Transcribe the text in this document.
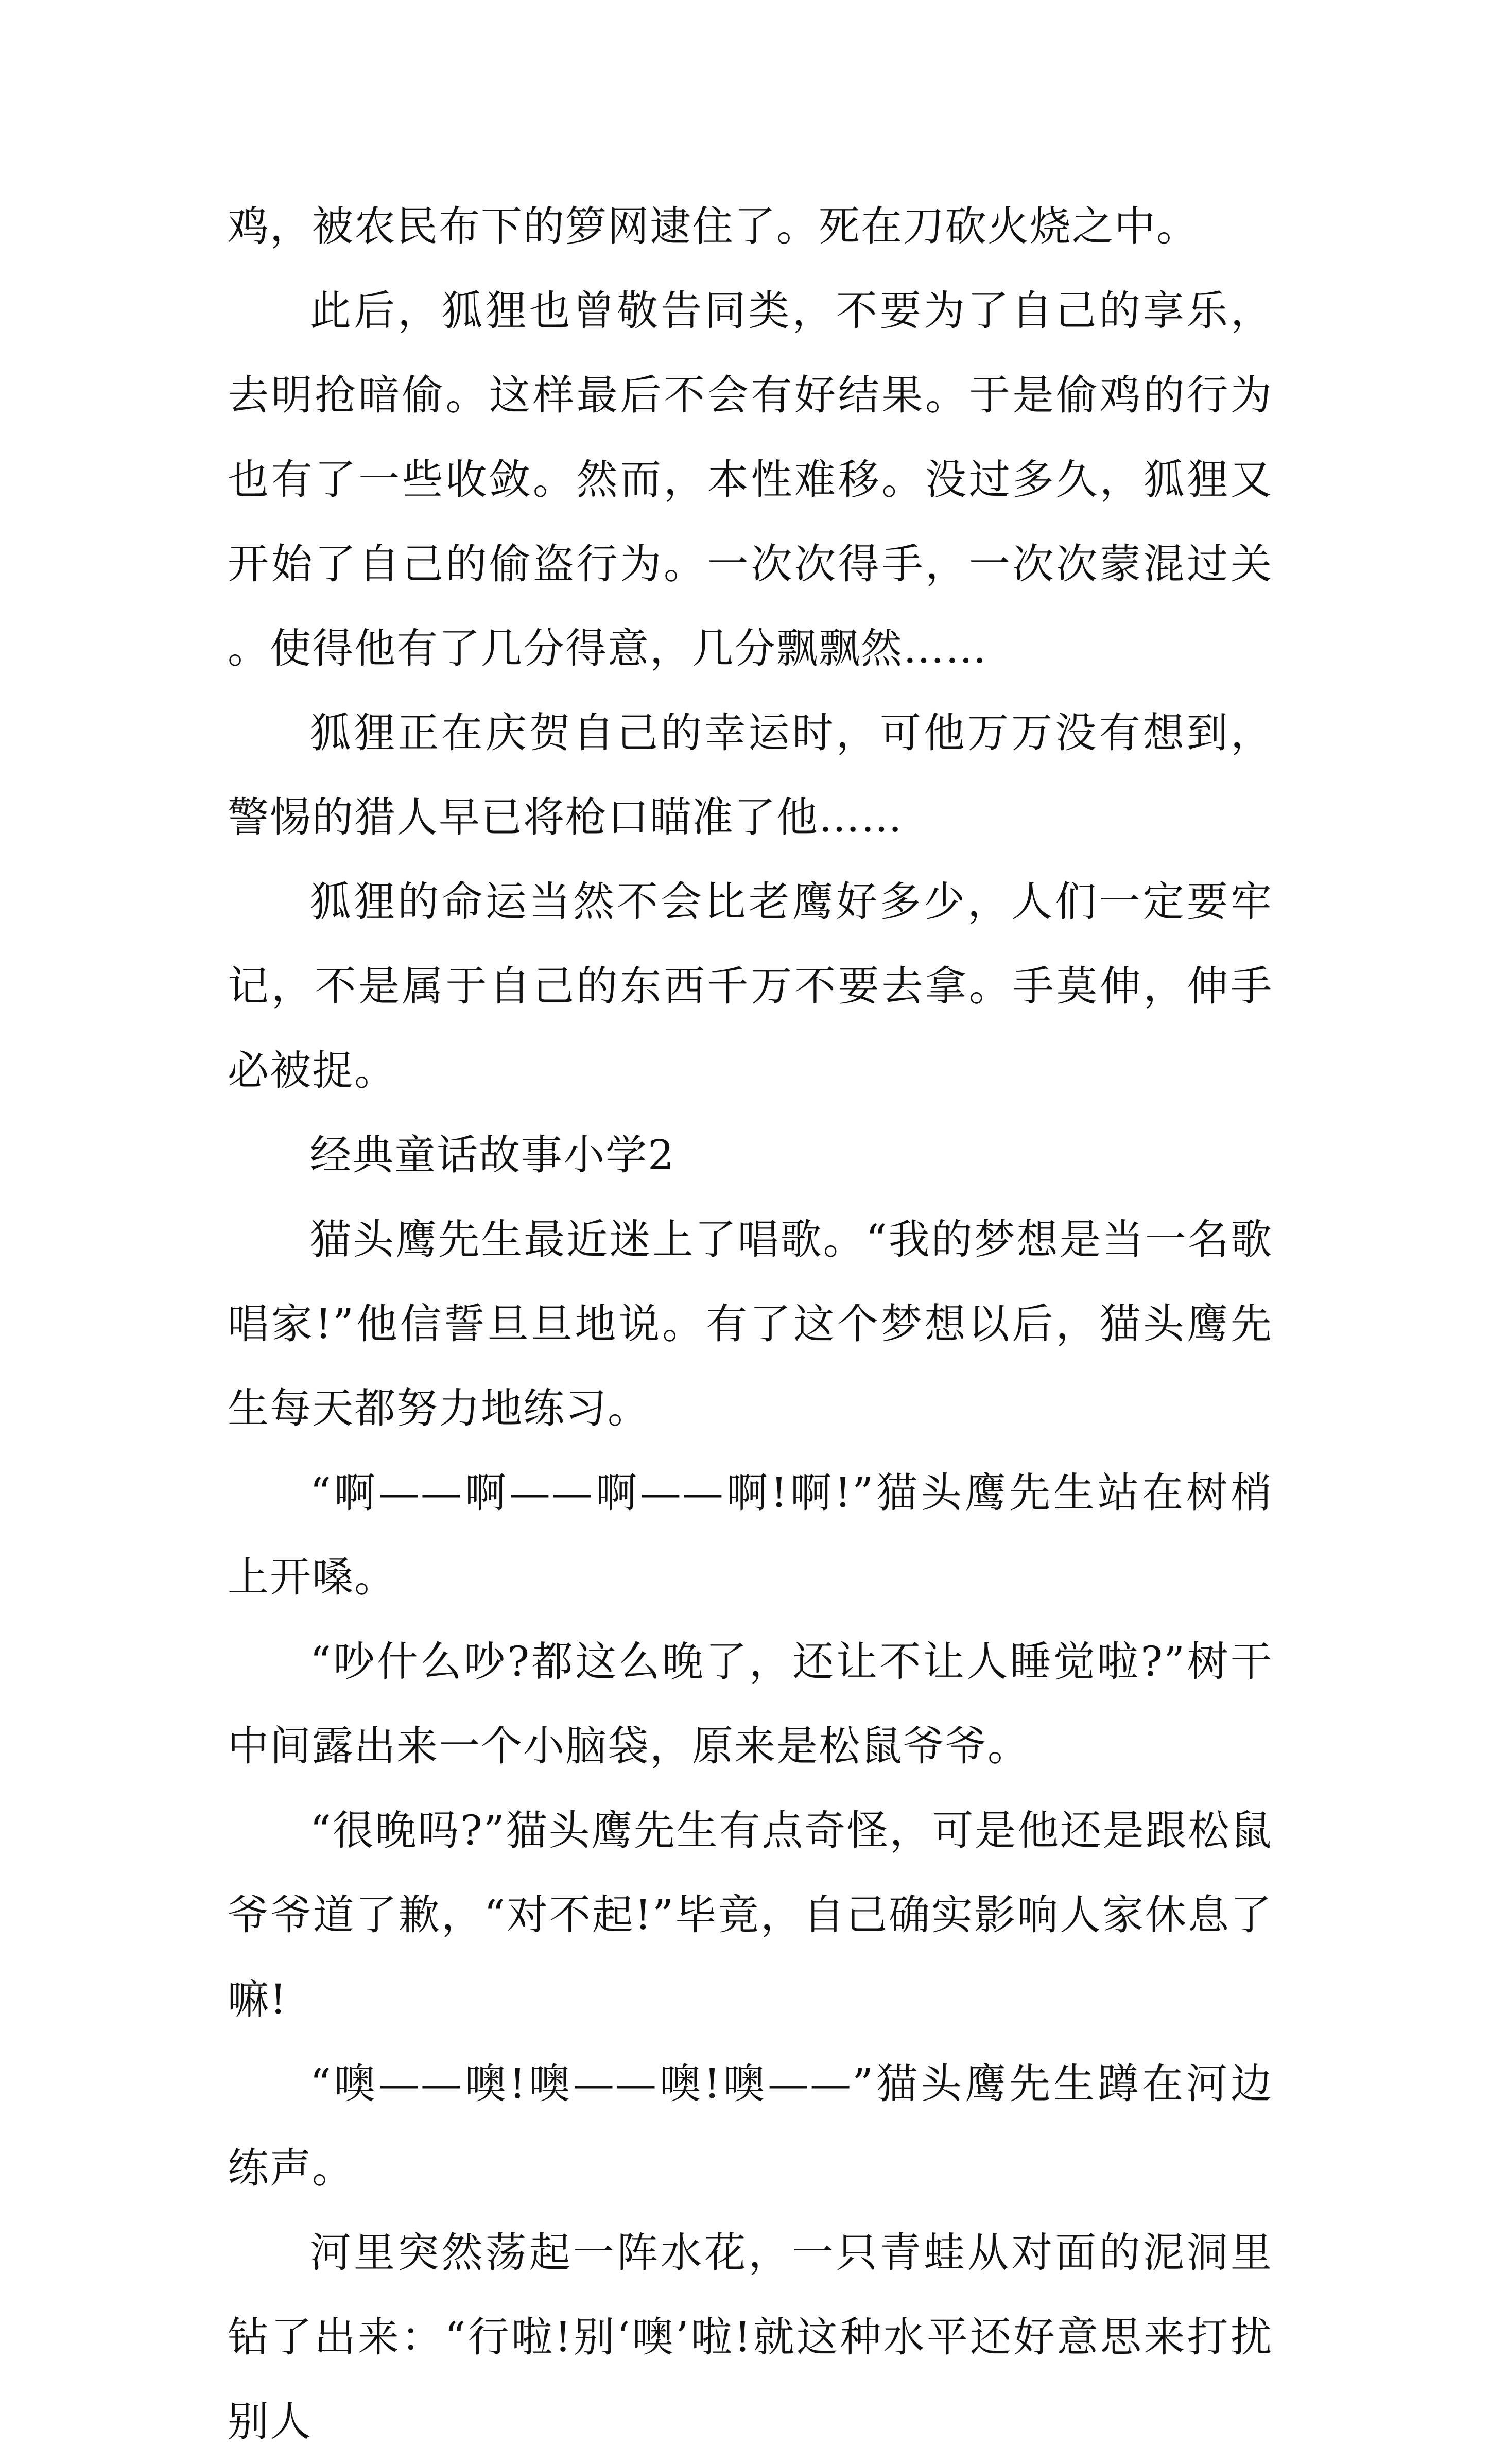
鸡，被农民布下的箩网逮住了。死在刀砍火烧之中。

此后，狐狸也曾敬告同类，不要为了自己的享乐，去明抢暗偷。这样最后不会有好结果。于是偷鸡的行为也有了一些收敛。然而，本性难移。没过多久，狐狸又开始了自己的偷盗行为。一次次得手，一次次蒙混过关。使得他有了几分得意，几分飘飘然……

狐狸正在庆贺自己的幸运时，可他万万没有想到，警惕的猎人早已将枪口瞄准了他……

狐狸的命运当然不会比老鹰好多少，人们一定要牢记，不是属于自己的东西千万不要去拿。手莫伸，伸手必被捉。

经典童话故事小学2

猫头鹰先生最近迷上了唱歌。“我的梦想是当一名歌唱家!”他信誓旦旦地说。有了这个梦想以后，猫头鹰先生每天都努力地练习。

“啊——啊——啊——啊!啊!”猫头鹰先生站在树梢上开嗓。

“吵什么吵?都这么晚了，还让不让人睡觉啦?”树干中间露出来一个小脑袋，原来是松鼠爷爷。

“很晚吗?”猫头鹰先生有点奇怪，可是他还是跟松鼠爷爷道了歉，“对不起!”毕竟，自己确实影响人家休息了嘛!

“噢——噢!噢——噢!噢——”猫头鹰先生蹲在河边练声。

河里突然荡起一阵水花，一只青蛙从对面的泥洞里钻了出来：“行啦!别‘噢’啦!就这种水平还好意思来打扰别人
